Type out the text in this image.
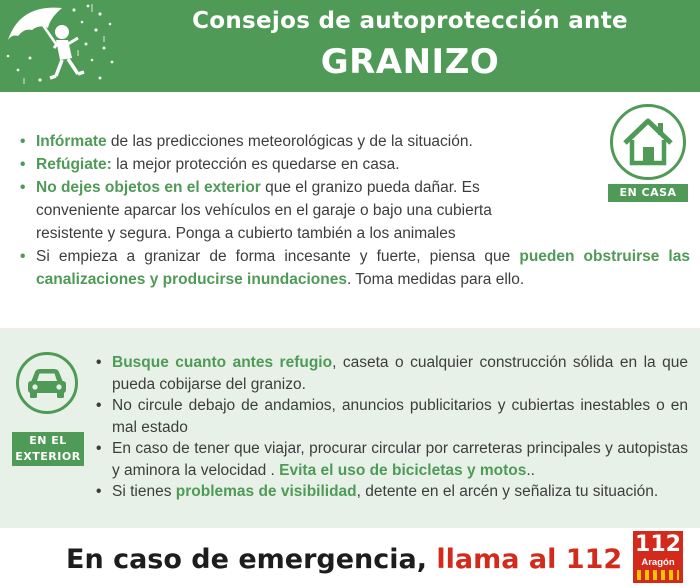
Consejos de autoprotección ante
GRANIZO
• Infórmate de las predicciones meteorológicas y de la situación.
• Refúgiate: la mejor protección es quedarse en casa.
• No dejes objetos en el exterior que el granizo pueda dañar. Es conveniente aparcar los vehículos en el garaje o bajo una cubierta resistente y segura. Ponga a cubierto también a los animales
• Si empieza a granizar de forma incesante y fuerte, piensa que pueden obstruirse las canalizaciones y producirse inundaciones. Toma medidas para ello.
EN CASA
EN EL
EXTERIOR
• Busque cuanto antes refugio, caseta o cualquier construcción sólida en la que pueda cobijarse del granizo.
• No circule debajo de andamios, anuncios publicitarios y cubiertas inestables o en mal estado
• En caso de tener que viajar, procurar circular por carreteras principales y autopistas y aminora la velocidad . Evita el uso de bicicletas y motos..
• Si tienes problemas de visibilidad, detente en el arcén y señaliza tu situación.
En caso de emergencia, llama al 112 112
Aragón
